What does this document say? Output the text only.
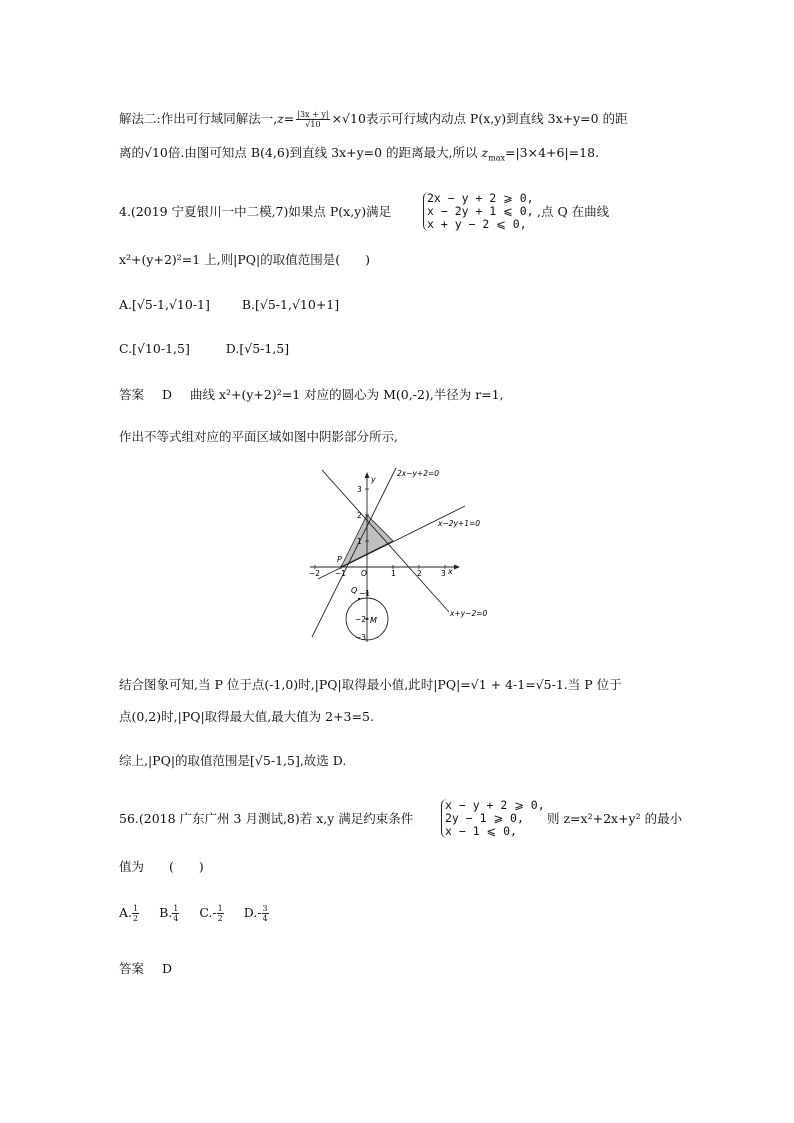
解法二:作出可行域同解法一$,z= \frac{|3x + y|}{√10} \times√10$表示可行域内动点 P(x,y)到直线 3x+y=0 的距
离的√10倍.由图可知点 B(4,6)到直线 3x+y=0 的距离最大,所以 $z_{max}=|3\times 4+6|=18$.
4.(2019 宁夏银川一中二模,7)如果点 P(x,y)满足
2x − y + 2 ⩾ 0,
x − 2y + 1 ⩽ 0,
x + y − 2 ⩽ 0,
,点 Q 在曲线
x²+(y+2)²=1 上,则|PQ|的取值范围是(　　)
A.[√5-1,√10-1]	B.[√5-1,√10+1]
C.[√10-1,5]	D.[√5-1,5]
答案 D 曲线 x²+(y+2)²=1 对应的圆心为 M(0,-2),半径为 r=1,
作出不等式组对应的平面区域如图中阴影部分所示,
2x−y+2=0
x−2y+1=0
x+y−2=0
x
y
−2 −1 O	1	2	3
3
2
1
−1
−2
−3
P
Q
M
结合图象可知,当 P 位于点(-1,0)时,|PQ|取得最小值,此时|PQ|=√1 + 4-1=√5-1.当 P 位于
点(0,2)时,|PQ|取得最大值,最大值为 2+3=5.
综上,|PQ|的取值范围是[√5-1,5],故选 D.
56.(2018 广东广州 3 月测试,8)若 x,y 满足约束条件
x − y + 2 ⩾ 0,
2y − 1 ⩾ 0,
x − 1 ⩽ 0,
则 z=x²+2x+y² 的最小
值为　　(　　)
A. $\frac{1}{2} B$. $\frac{1}{4} C.- \frac{1}{2} D.- \frac{3}{4}$
答案 D
